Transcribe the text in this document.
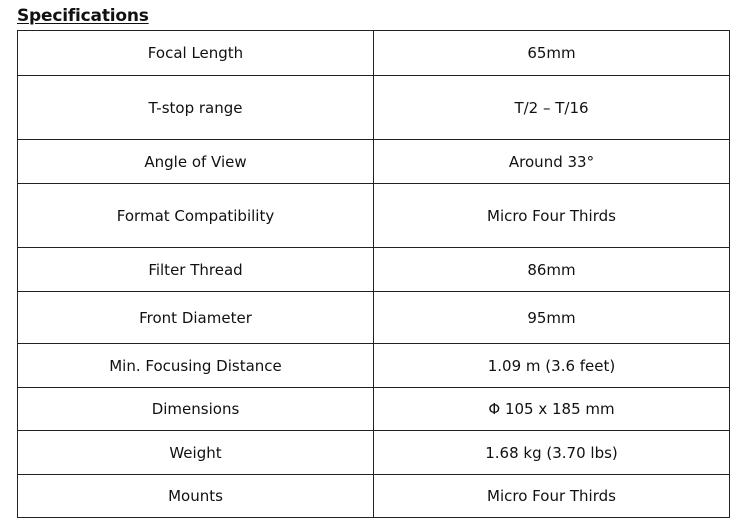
Specifications
Focal Length	65mm
T-stop range	T/2 – T/16
Angle of View	Around 33°
Format Compatibility	Micro Four Thirds
Filter Thread	86mm
Front Diameter	95mm
Min. Focusing Distance	1.09 m (3.6 feet)
Dimensions	Φ 105 x 185 mm
Weight	1.68 kg (3.70 lbs)
Mounts	Micro Four Thirds
